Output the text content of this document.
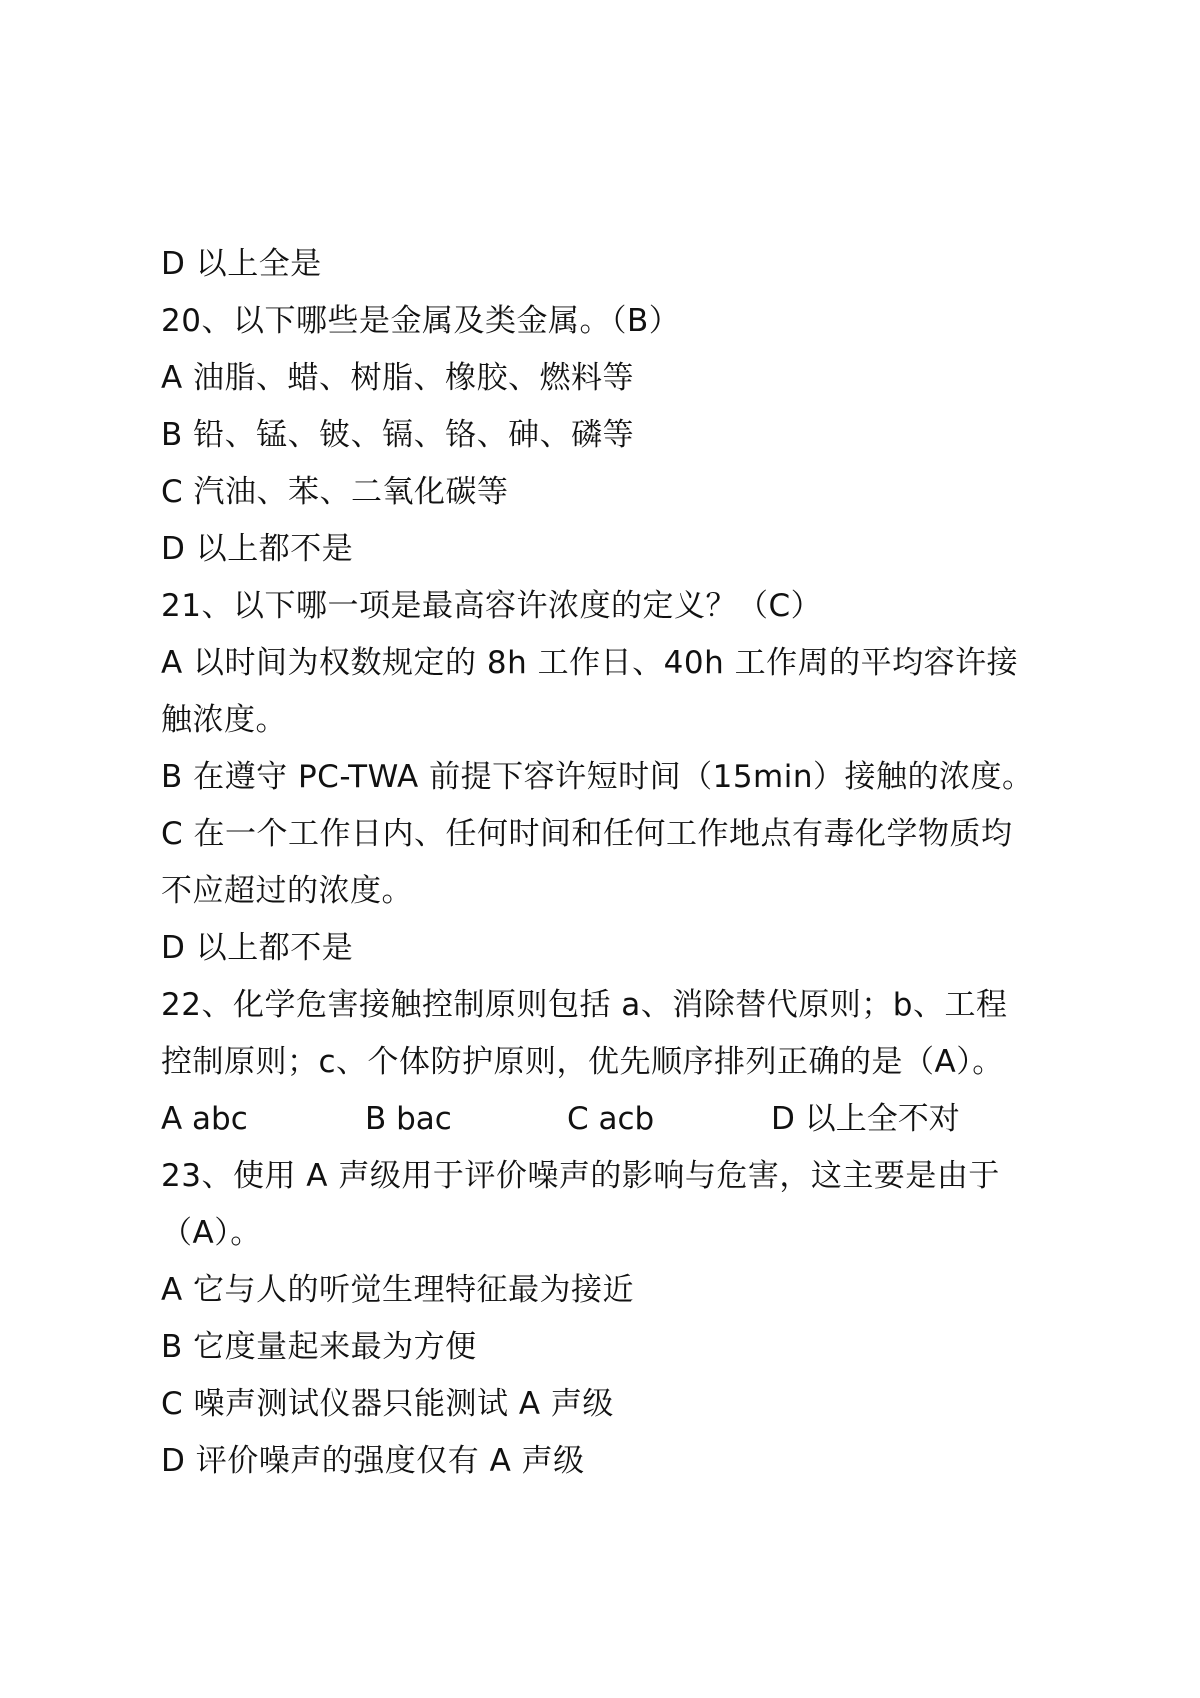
D 以上全是
20、以下哪些是金属及类金属。（B）
A 油脂、蜡、树脂、橡胶、燃料等
B 铅、锰、铍、镉、铬、砷、磷等
C 汽油、苯、二氧化碳等
D 以上都不是
21、以下哪一项是最高容许浓度的定义？（C）
A 以时间为权数规定的 8h 工作日、40h 工作周的平均容许接
触浓度。
B 在遵守 PC-TWA 前提下容许短时间（15min）接触的浓度。
C 在一个工作日内、任何时间和任何工作地点有毒化学物质均
不应超过的浓度。
D 以上都不是
22、化学危害接触控制原则包括 a、消除替代原则；b、工程
控制原则；c、个体防护原则，优先顺序排列正确的是（A）。
A abc	B bac	C acb	D 以上全不对
23、使用 A 声级用于评价噪声的影响与危害，这主要是由于
（A）。
A 它与人的听觉生理特征最为接近
B 它度量起来最为方便
C 噪声测试仪器只能测试 A 声级
D 评价噪声的强度仅有 A 声级
